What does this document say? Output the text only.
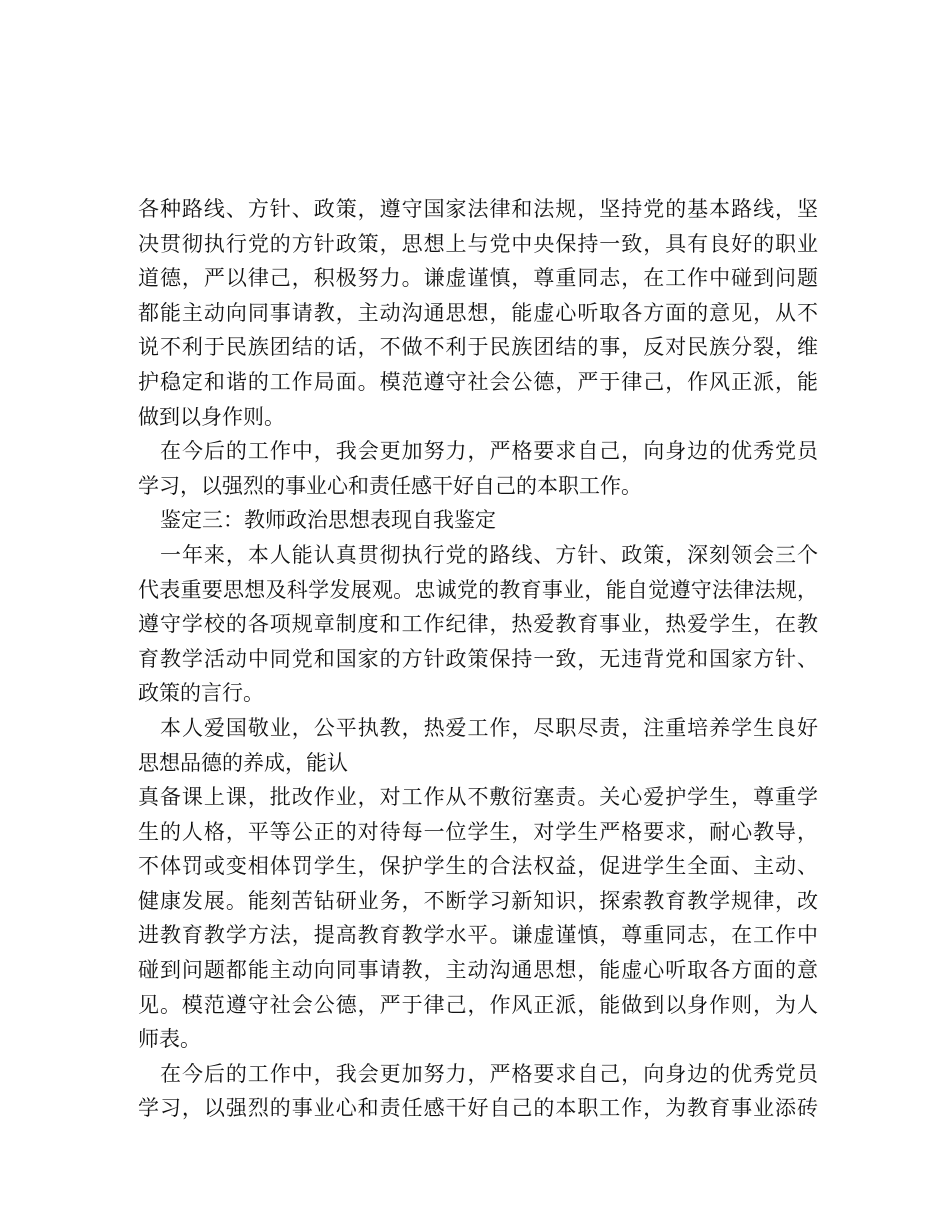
各种路线、方针、政策，遵守国家法律和法规，坚持党的基本路线，坚
决贯彻执行党的方针政策，思想上与党中央保持一致，具有良好的职业
道德，严以律己，积极努力。谦虚谨慎，尊重同志，在工作中碰到问题
都能主动向同事请教，主动沟通思想，能虚心听取各方面的意见，从不
说不利于民族团结的话，不做不利于民族团结的事，反对民族分裂，维
护稳定和谐的工作局面。模范遵守社会公德，严于律己，作风正派，能
做到以身作则。
在今后的工作中，我会更加努力，严格要求自己，向身边的优秀党员
学习，以强烈的事业心和责任感干好自己的本职工作。
鉴定三：教师政治思想表现自我鉴定
一年来，本人能认真贯彻执行党的路线、方针、政策，深刻领会三个
代表重要思想及科学发展观。忠诚党的教育事业，能自觉遵守法律法规，
遵守学校的各项规章制度和工作纪律，热爱教育事业，热爱学生，在教
育教学活动中同党和国家的方针政策保持一致，无违背党和国家方针、
政策的言行。
本人爱国敬业，公平执教，热爱工作，尽职尽责，注重培养学生良好
思想品德的养成，能认
真备课上课，批改作业，对工作从不敷衍塞责。关心爱护学生，尊重学
生的人格，平等公正的对待每一位学生，对学生严格要求，耐心教导，
不体罚或变相体罚学生，保护学生的合法权益，促进学生全面、主动、
健康发展。能刻苦钻研业务，不断学习新知识，探索教育教学规律，改
进教育教学方法，提高教育教学水平。谦虚谨慎，尊重同志，在工作中
碰到问题都能主动向同事请教，主动沟通思想，能虚心听取各方面的意
见。模范遵守社会公德，严于律己，作风正派，能做到以身作则，为人
师表。
在今后的工作中，我会更加努力，严格要求自己，向身边的优秀党员
学习，以强烈的事业心和责任感干好自己的本职工作，为教育事业添砖
